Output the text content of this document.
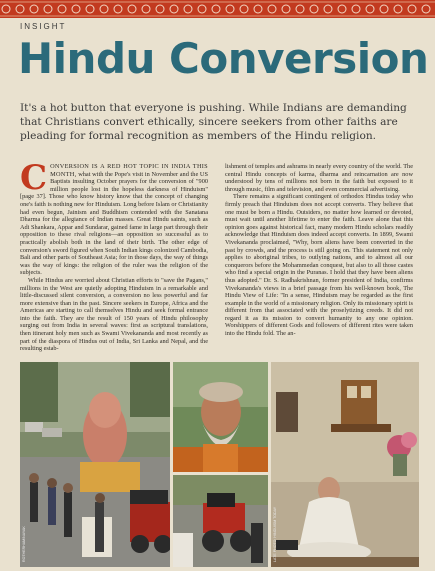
INSIGHT
Hindu Conversion
It's a hot button that everyone is pushing. While Indians are demanding that Christians convert ethically, sincere seekers from other faiths are pleading for formal recognition as members of the Hindu religion.

CONVERSION IS A RED HOT TOPIC IN INDIA THIS MONTH, what with the Pope's visit in November and the US Baptists insulting October prayers for the conversion of "900 million people lost in the hopeless darkness of Hinduism" [page 37]. Those who know history know that the concept of changing one's faith is nothing new for Hinduism. Long before Islam or Christianity had even begun, Jainism and Buddhism contended with the Sanatana Dharma for the allegiance of Indian masses. Great Hindu saints, such as Adi Shankara, Appar and Sundarar, gained fame in large part through their opposition to these rival religions—an opposition so successful as to practically abolish both in the land of their birth. The other edge of conversion's sword figured when South Indian kings colonized Cambodia, Bali and other parts of Southeast Asia; for in those days, the way of things was the way of kings: the religion of the ruler was the religion of the subjects.

While Hindus are worried about Christian efforts to "save the Pagans," millions in the West are quietly adopting Hinduism in a remarkable and little-discussed silent conversion, a conversion no less powerful and far more extensive than in the past. Sincere seekers in Europe, Africa and the Americas are starting to call themselves Hindu and seek formal entrance into the faith. They are the result of 150 years of Hindu philosophy surging out from India in several waves: first as scriptural translations, then itinerant holy men such as Swami Vivekananda and most recently as part of the diaspora of Hindus out of India, Sri Lanka and Nepal, and the resulting estab-

lishment of temples and ashrams in nearly every country of the world. The central Hindu concepts of karma, dharma and reincarnation are now understood by tens of millions not born in the faith but exposed to it through music, film and television, and even commercial advertising.

There remains a significant contingent of orthodox Hindus today who firmly preach that Hinduism does not accept converts. They believe that one must be born a Hindu. Outsiders, no matter how learned or devoted, must wait until another lifetime to enter the faith. Leave alone that this opinion goes against historical fact, many modern Hindu scholars readily acknowledge that Hinduism does indeed accept converts. In 1899, Swami Vivekananda proclaimed, "Why, born aliens have been converted in the past by crowds, and the process is still going on. This statement not only applies to aboriginal tribes, to outlying nations, and to almost all our conquerors before the Mohammedan conquest, but also to all those castes who find a special origin in the Puranas. I hold that they have been aliens thus adopted." Dr. S. Radhakrishnan, former president of India, confirms Vivekananda's views in a brief passage from his well-known book, The Hindu View of Life: "In a sense, Hinduism may be regarded as the first example in the world of a missionary religion. Only its missionary spirit is different from that associated with the proselytizing creeds. It did not regard it as its mission to convert humanity to any one opinion. Worshippers of different Gods and followers of different rites were taken into the Hindu fold. The an-

ROTHERHAM/NAYAK	LATE PHOTO: HINDUISM TODAY
